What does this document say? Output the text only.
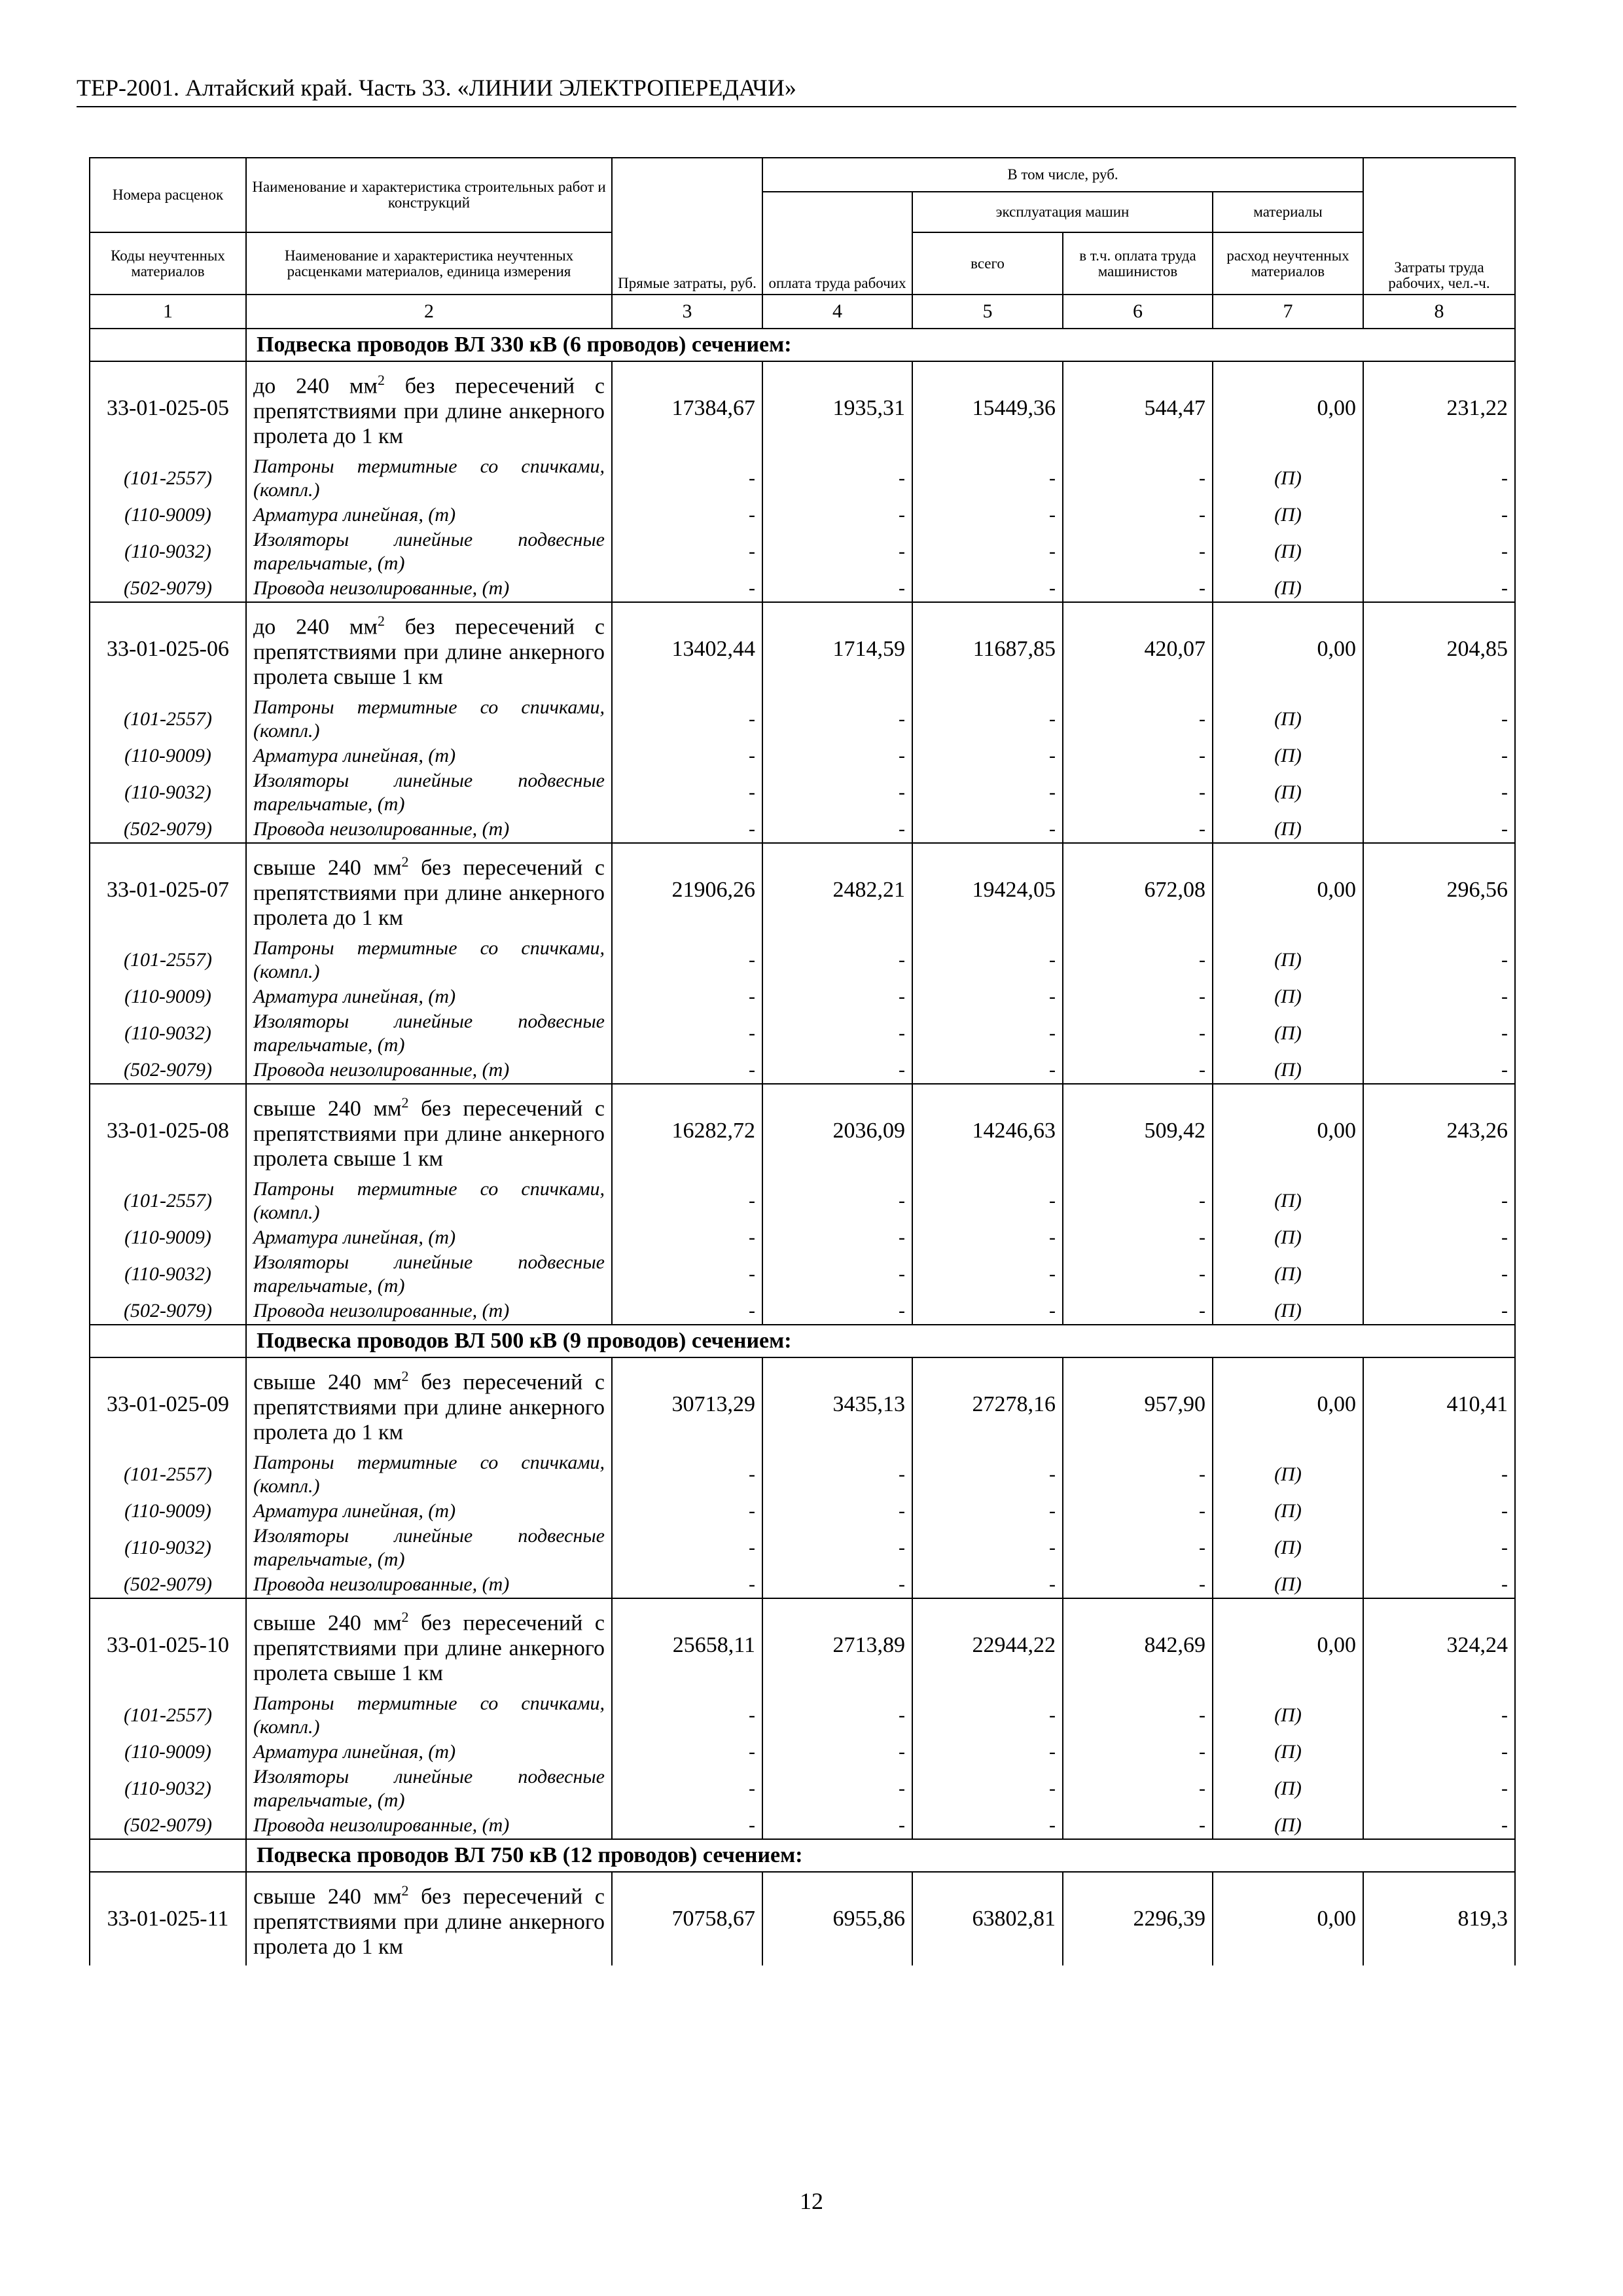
ТЕР-2001. Алтайский край. Часть 33. «ЛИНИИ ЭЛЕКТРОПЕРЕДАЧИ»
Номера расценок	Наименование и характеристика строительных работ и конструкций	Прямые затраты, руб.	В том числе, руб.				Затраты труда рабочих, чел.-ч.
			оплата труда рабочих	эксплуатация машин		материалы	
Коды неучтенных материалов	Наименование и характеристика неучтенных расценками материалов, единица измерения			всего	в т.ч. оплата труда машинистов	расход неучтенных материалов	
1	2	3	4	5	6	7	8
	Подвеска проводов ВЛ 330 кВ (6 проводов) сечением:						
33-01-025-05	до 240 $мм^2$ без пересечений с препятствиями при длине анкерного пролета до 1 км	17384,67	1935,31	15449,36	544,47	0,00	231,22
(101-2557)	Патроны термитные со спичками, (компл.)	-	-	-	-	(П)	-
(110-9009)	Арматура линейная, (т)	-	-	-	-	(П)	-
(110-9032)	Изоляторы линейные подвесные тарельчатые, (т)	-	-	-	-	(П)	-
(502-9079)	Провода неизолированные, (т)	-	-	-	-	(П)	-
33-01-025-06	до 240 $мм^2$ без пересечений с препятствиями при длине анкерного пролета свыше 1 км	13402,44	1714,59	11687,85	420,07	0,00	204,85
(101-2557)	Патроны термитные со спичками, (компл.)	-	-	-	-	(П)	-
(110-9009)	Арматура линейная, (т)	-	-	-	-	(П)	-
(110-9032)	Изоляторы линейные подвесные тарельчатые, (т)	-	-	-	-	(П)	-
(502-9079)	Провода неизолированные, (т)	-	-	-	-	(П)	-
33-01-025-07	свыше 240 $мм^2$ без пересечений с препятствиями при длине анкерного пролета до 1 км	21906,26	2482,21	19424,05	672,08	0,00	296,56
(101-2557)	Патроны термитные со спичками, (компл.)	-	-	-	-	(П)	-
(110-9009)	Арматура линейная, (т)	-	-	-	-	(П)	-
(110-9032)	Изоляторы линейные подвесные тарельчатые, (т)	-	-	-	-	(П)	-
(502-9079)	Провода неизолированные, (т)	-	-	-	-	(П)	-
33-01-025-08	свыше 240 $мм^2$ без пересечений с препятствиями при длине анкерного пролета свыше 1 км	16282,72	2036,09	14246,63	509,42	0,00	243,26
(101-2557)	Патроны термитные со спичками, (компл.)	-	-	-	-	(П)	-
(110-9009)	Арматура линейная, (т)	-	-	-	-	(П)	-
(110-9032)	Изоляторы линейные подвесные тарельчатые, (т)	-	-	-	-	(П)	-
(502-9079)	Провода неизолированные, (т)	-	-	-	-	(П)	-
	Подвеска проводов ВЛ 500 кВ (9 проводов) сечением:						
33-01-025-09	свыше 240 $мм^2$ без пересечений с препятствиями при длине анкерного пролета до 1 км	30713,29	3435,13	27278,16	957,90	0,00	410,41
(101-2557)	Патроны термитные со спичками, (компл.)	-	-	-	-	(П)	-
(110-9009)	Арматура линейная, (т)	-	-	-	-	(П)	-
(110-9032)	Изоляторы линейные подвесные тарельчатые, (т)	-	-	-	-	(П)	-
(502-9079)	Провода неизолированные, (т)	-	-	-	-	(П)	-
33-01-025-10	свыше 240 $мм^2$ без пересечений с препятствиями при длине анкерного пролета свыше 1 км	25658,11	2713,89	22944,22	842,69	0,00	324,24
(101-2557)	Патроны термитные со спичками, (компл.)	-	-	-	-	(П)	-
(110-9009)	Арматура линейная, (т)	-	-	-	-	(П)	-
(110-9032)	Изоляторы линейные подвесные тарельчатые, (т)	-	-	-	-	(П)	-
(502-9079)	Провода неизолированные, (т)	-	-	-	-	(П)	-
	Подвеска проводов ВЛ 750 кВ (12 проводов) сечением:						
33-01-025-11	свыше 240 $мм^2$ без пересечений с препятствиями при длине анкерного пролета до 1 км	70758,67	6955,86	63802,81	2296,39	0,00	819,3
12
